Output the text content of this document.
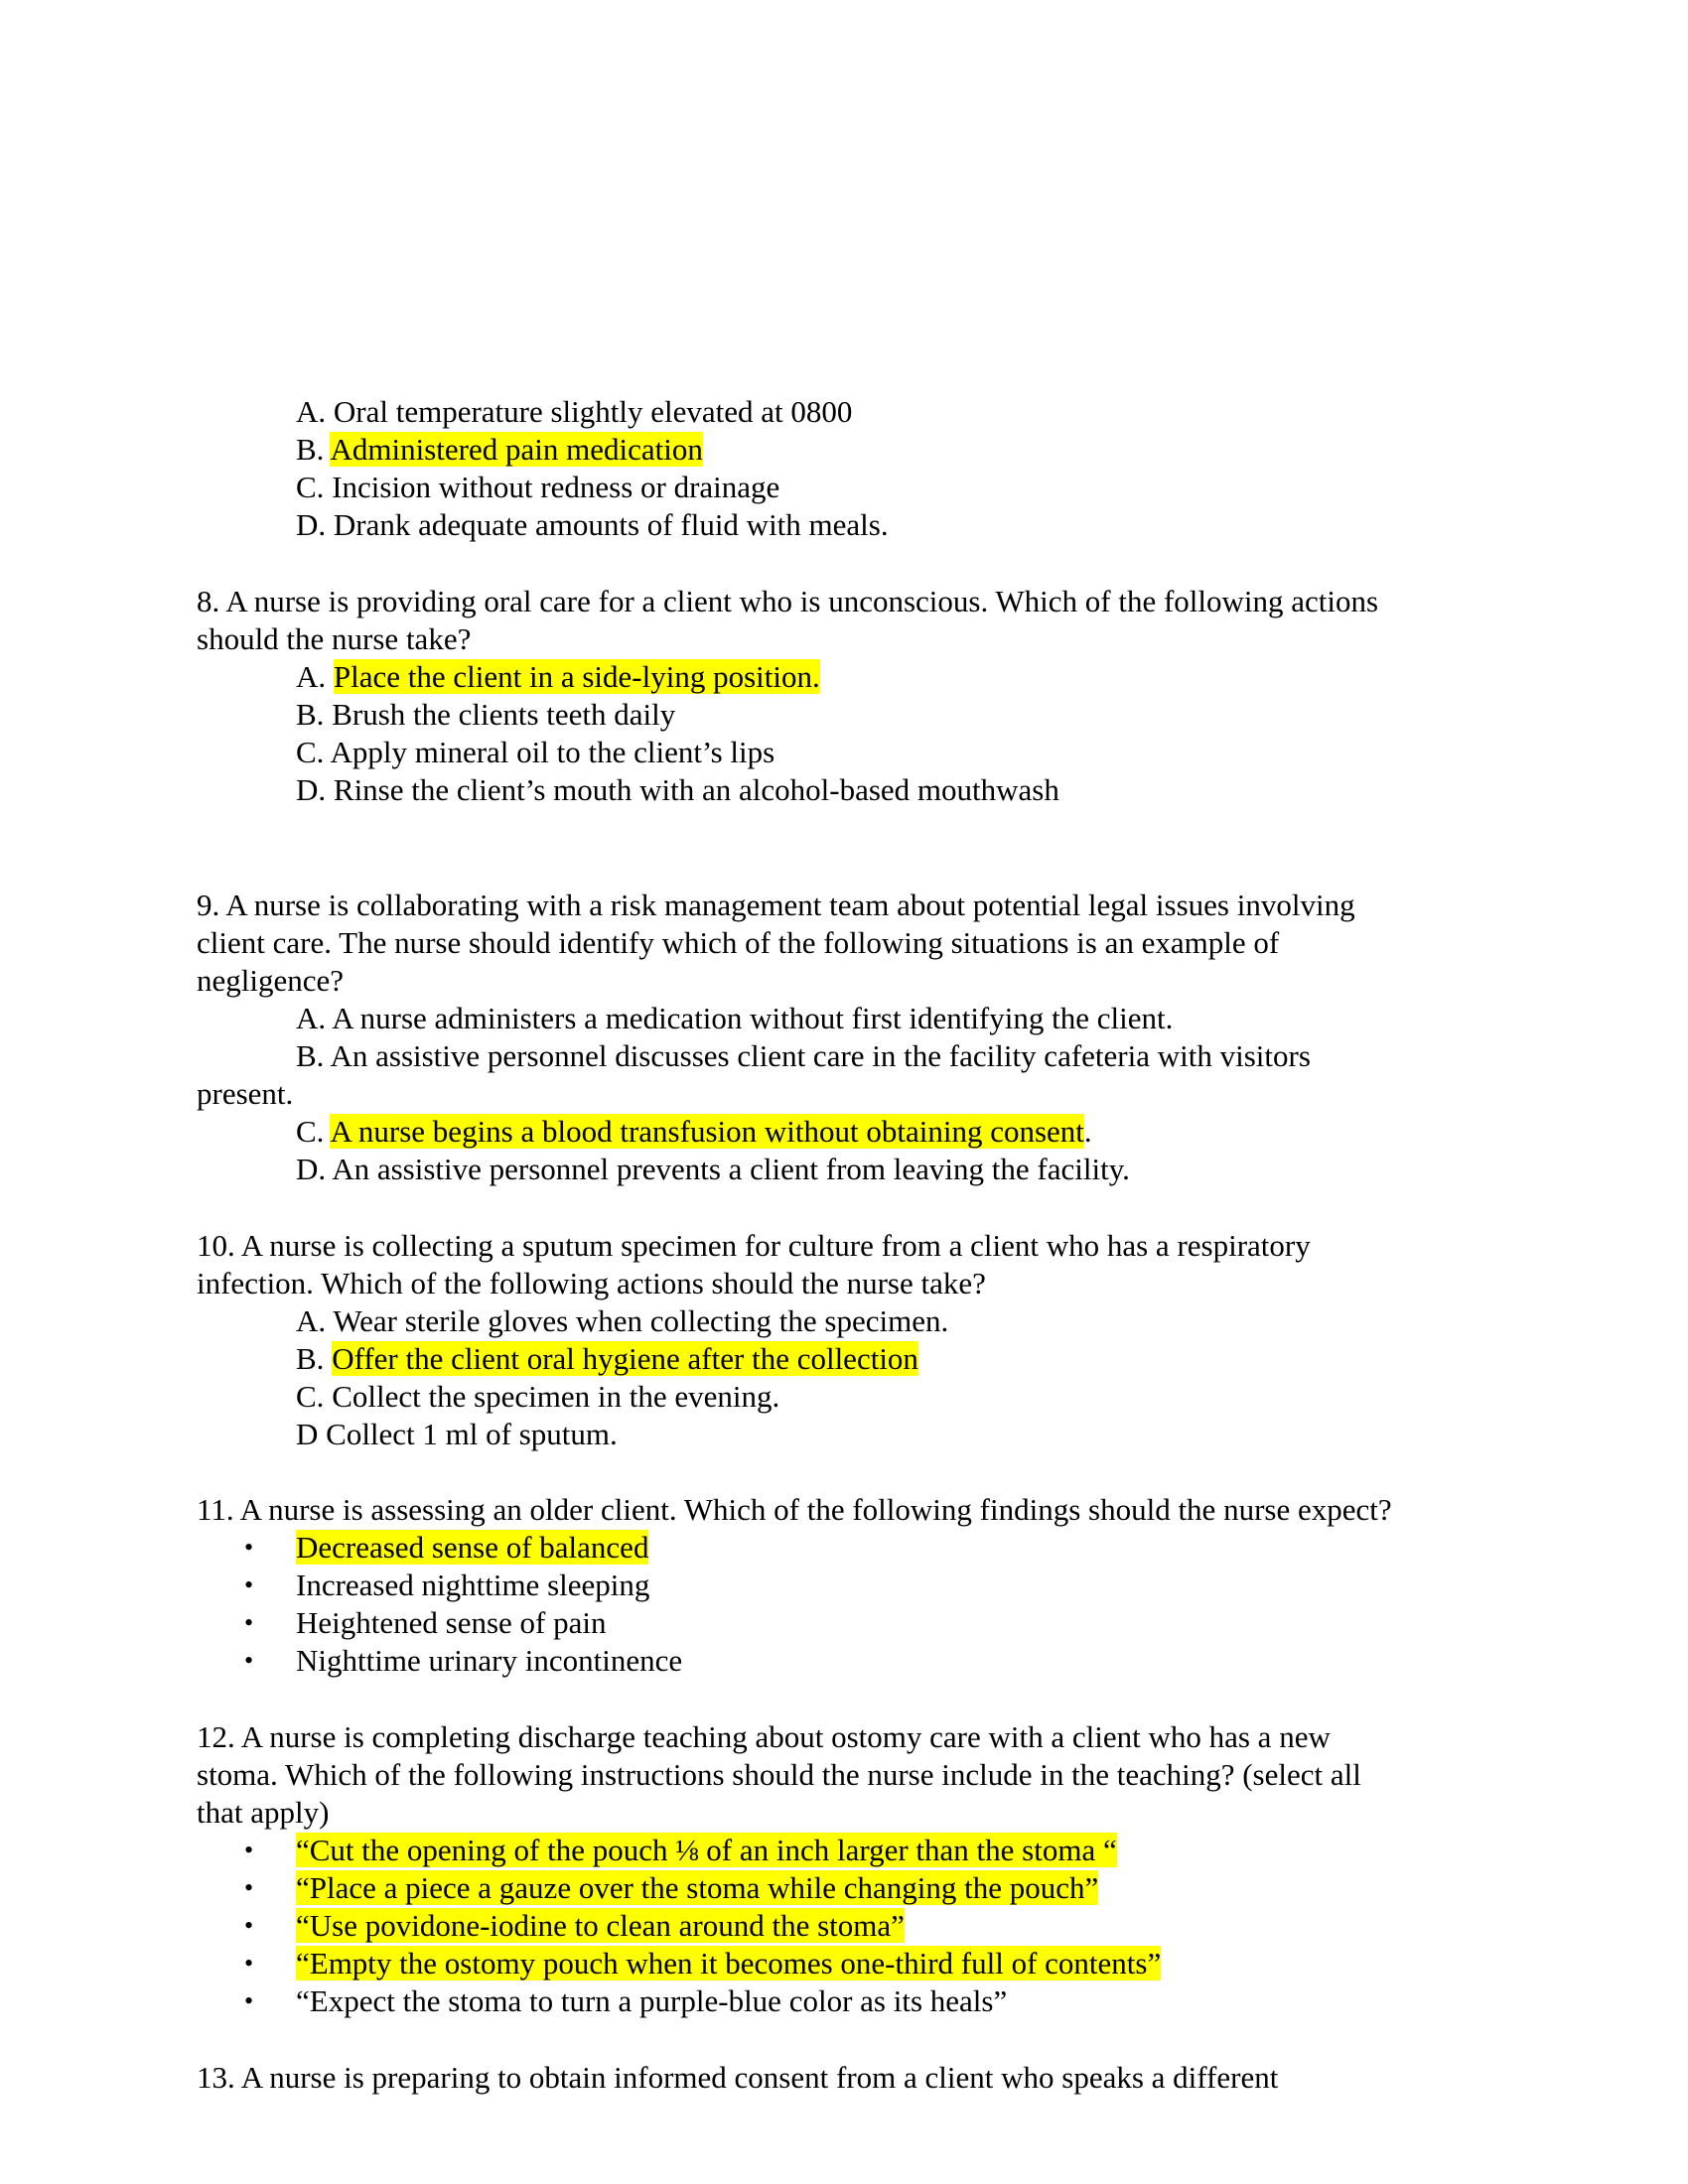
A. Oral temperature slightly elevated at 0800
B. Administered pain medication
C. Incision without redness or drainage
D. Drank adequate amounts of fluid with meals.
8. A nurse is providing oral care for a client who is unconscious. Which of the following actions
should the nurse take?
A. Place the client in a side-lying position.
B. Brush the clients teeth daily
C. Apply mineral oil to the client’s lips
D. Rinse the client’s mouth with an alcohol-based mouthwash
9. A nurse is collaborating with a risk management team about potential legal issues involving
client care. The nurse should identify which of the following situations is an example of
negligence?
A. A nurse administers a medication without first identifying the client.
B. An assistive personnel discusses client care in the facility cafeteria with visitors
present.
C. A nurse begins a blood transfusion without obtaining consent.
D. An assistive personnel prevents a client from leaving the facility.
10. A nurse is collecting a sputum specimen for culture from a client who has a respiratory
infection. Which of the following actions should the nurse take?
A. Wear sterile gloves when collecting the specimen.
B. Offer the client oral hygiene after the collection
C. Collect the specimen in the evening.
D Collect 1 ml of sputum.
11. A nurse is assessing an older client. Which of the following findings should the nurse expect?
• Decreased sense of balanced
• Increased nighttime sleeping
• Heightened sense of pain
• Nighttime urinary incontinence
12. A nurse is completing discharge teaching about ostomy care with a client who has a new
stoma. Which of the following instructions should the nurse include in the teaching? (select all
that apply)
• “Cut the opening of the pouch ⅛ of an inch larger than the stoma “
• “Place a piece a gauze over the stoma while changing the pouch”
• “Use povidone-iodine to clean around the stoma”
• “Empty the ostomy pouch when it becomes one-third full of contents”
• “Expect the stoma to turn a purple-blue color as its heals”
13. A nurse is preparing to obtain informed consent from a client who speaks a different
